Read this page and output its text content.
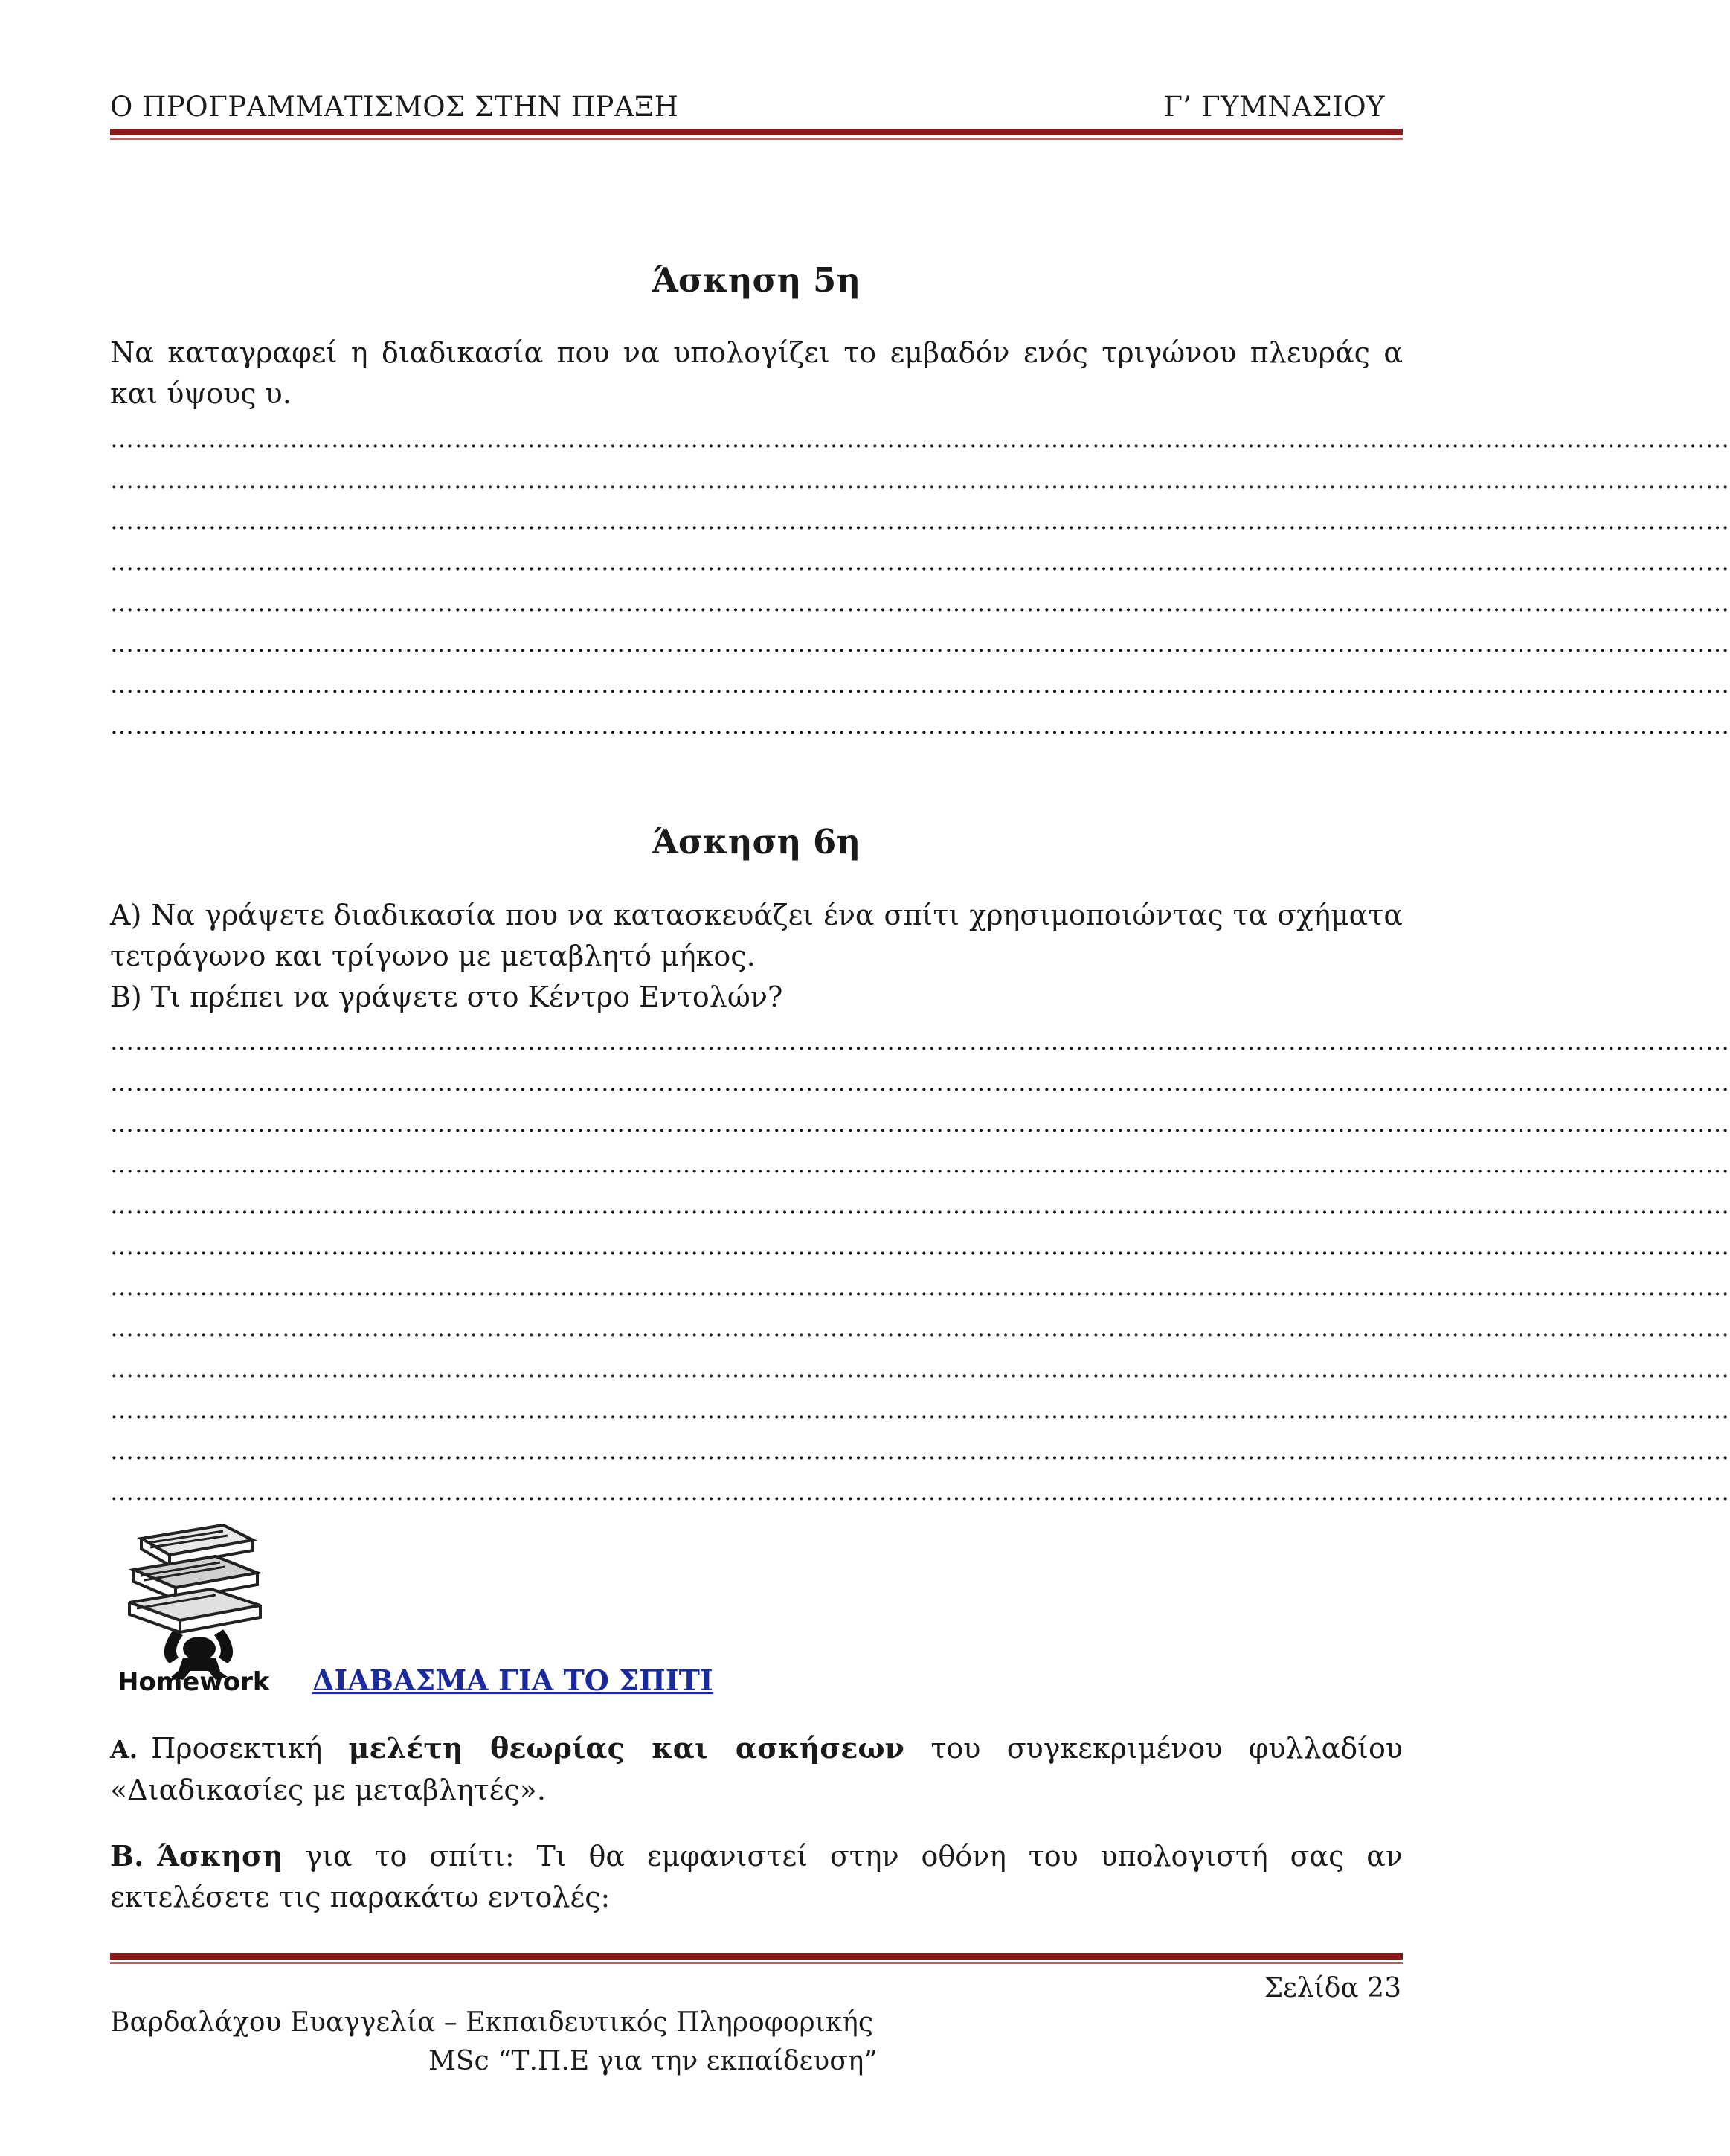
Ο ΠΡΟΓΡΑΜΜΑΤΙΣΜΟΣ ΣΤΗΝ ΠΡΑΞΗ	Γ’ ΓΥΜΝΑΣΙΟΥ
Άσκηση 5η
Να καταγραφεί η διαδικασία που να υπολογίζει το εμβαδόν ενός τριγώνου πλευράς α και ύψους υ.
………………………………………………………………………………………………………………………………………………………………………………
………………………………………………………………………………………………………………………………………………………………………………
………………………………………………………………………………………………………………………………………………………………………………
………………………………………………………………………………………………………………………………………………………………………………
………………………………………………………………………………………………………………………………………………………………………………
………………………………………………………………………………………………………………………………………………………………………………
………………………………………………………………………………………………………………………………………………………………………………
………………………………………………………………………………………………………………………………………………………………………………
Άσκηση 6η
Α) Να γράψετε διαδικασία που να κατασκευάζει ένα σπίτι χρησιμοποιώντας τα σχήματα τετράγωνο και τρίγωνο με μεταβλητό μήκος.
Β) Τι πρέπει να γράψετε στο Κέντρο Εντολών?
………………………………………………………………………………………………………………………………………………………………………………
………………………………………………………………………………………………………………………………………………………………………………
………………………………………………………………………………………………………………………………………………………………………………
………………………………………………………………………………………………………………………………………………………………………………
………………………………………………………………………………………………………………………………………………………………………………
………………………………………………………………………………………………………………………………………………………………………………
………………………………………………………………………………………………………………………………………………………………………………
………………………………………………………………………………………………………………………………………………………………………………
………………………………………………………………………………………………………………………………………………………………………………
………………………………………………………………………………………………………………………………………………………………………………
………………………………………………………………………………………………………………………………………………………………………………
………………………………………………………………………………………………………………………………………………………………………………
Homework ΔΙΑΒΑΣΜΑ ΓΙΑ ΤΟ ΣΠΙΤΙ
Α. Προσεκτική μελέτη θεωρίας και ασκήσεων του συγκεκριμένου φυλλαδίου «Διαδικασίες με μεταβλητές».
Β. Άσκηση για το σπίτι: Τι θα εμφανιστεί στην οθόνη του υπολογιστή σας αν εκτελέσετε τις παρακάτω εντολές:
Σελίδα 23
Βαρδαλάχου Ευαγγελία – Εκπαιδευτικός Πληροφορικής
MSc “Τ.Π.Ε για την εκπαίδευση”
